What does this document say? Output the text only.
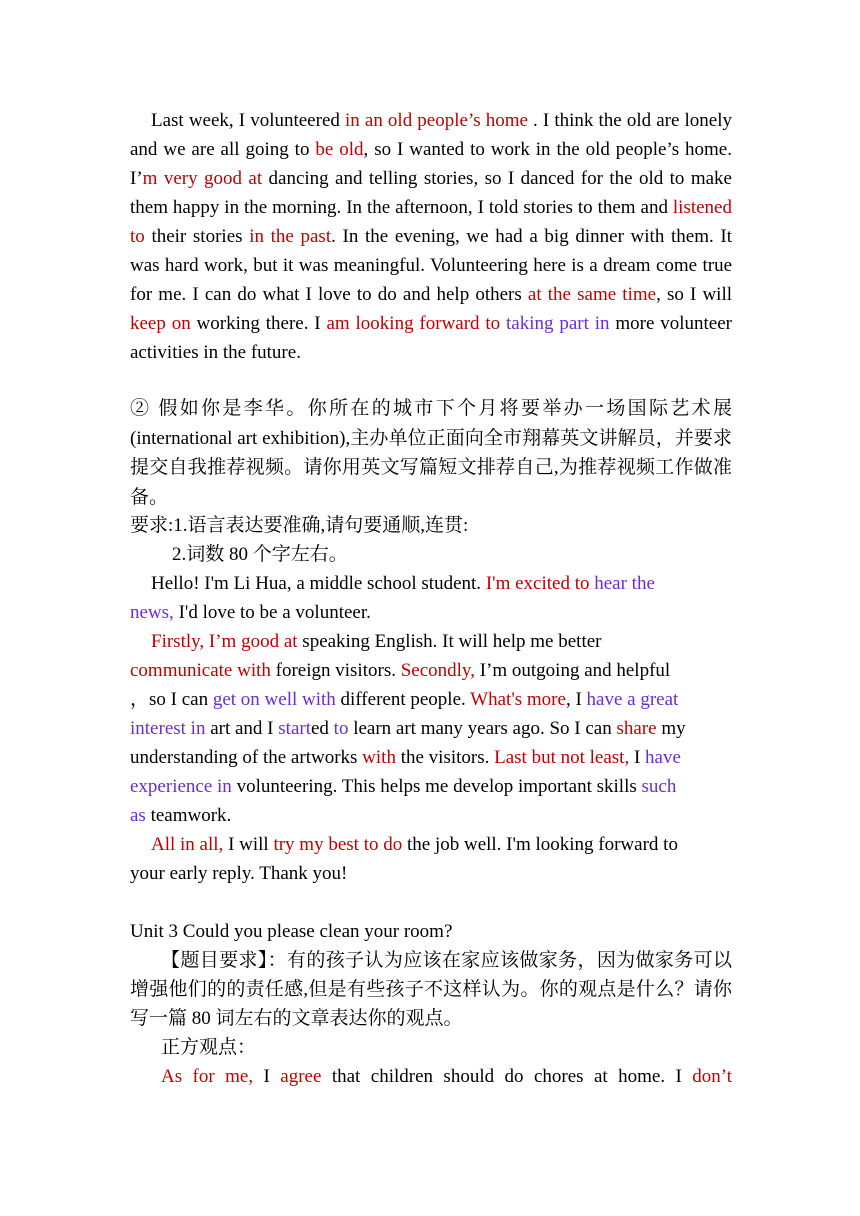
Last week, I volunteered in an old people’s home . I think the old are lonely and we are all going to be old, so I wanted to work in the old people’s home. I’m very good at dancing and telling stories, so I danced for the old to make them happy in the morning. In the afternoon, I told stories to them and listened to their stories in the past. In the evening, we had a big dinner with them. It was hard work, but it was meaningful. Volunteering here is a dream come true for me. I can do what I love to do and help others at the same time, so I will keep on working there. I am looking forward to taking part in more volunteer activities in the future.

② 假如你是李华。你所在的城市下个月将要举办一场国际艺术展 (international art exhibition),主办单位正面向全市翔幕英文讲解员，并要求提交自我推荐视频。请你用英文写篇短文排荐自己,为推荐视频工作做准备。

要求:1.语言表达要准确,请句要通顺,连贯:

2.词数 80 个字左右。

Hello! I'm Li Hua, a middle school student. I'm excited to hear the

news, I'd love to be a volunteer.

Firstly, I’m good at speaking English. It will help me better

communicate with foreign visitors. Secondly, I’m outgoing and helpful

，so I can get on well with different people. What's more, I have a great

interest in art and I started to learn art many years ago. So I can share my

understanding of the artworks with the visitors. Last but not least, I have

experience in volunteering. This helps me develop important skills such

as teamwork.

All in all, I will try my best to do the job well. I'm looking forward to

your early reply. Thank you!

Unit 3 Could you please clean your room?

【题目要求】：有的孩子认为应该在家应该做家务，因为做家务可以增强他们的的责任感,但是有些孩子不这样认为。你的观点是什么？请你写一篇 80 词左右的文章表达你的观点。

正方观点：

As for me, I agree that children should do chores at home. I don’t
